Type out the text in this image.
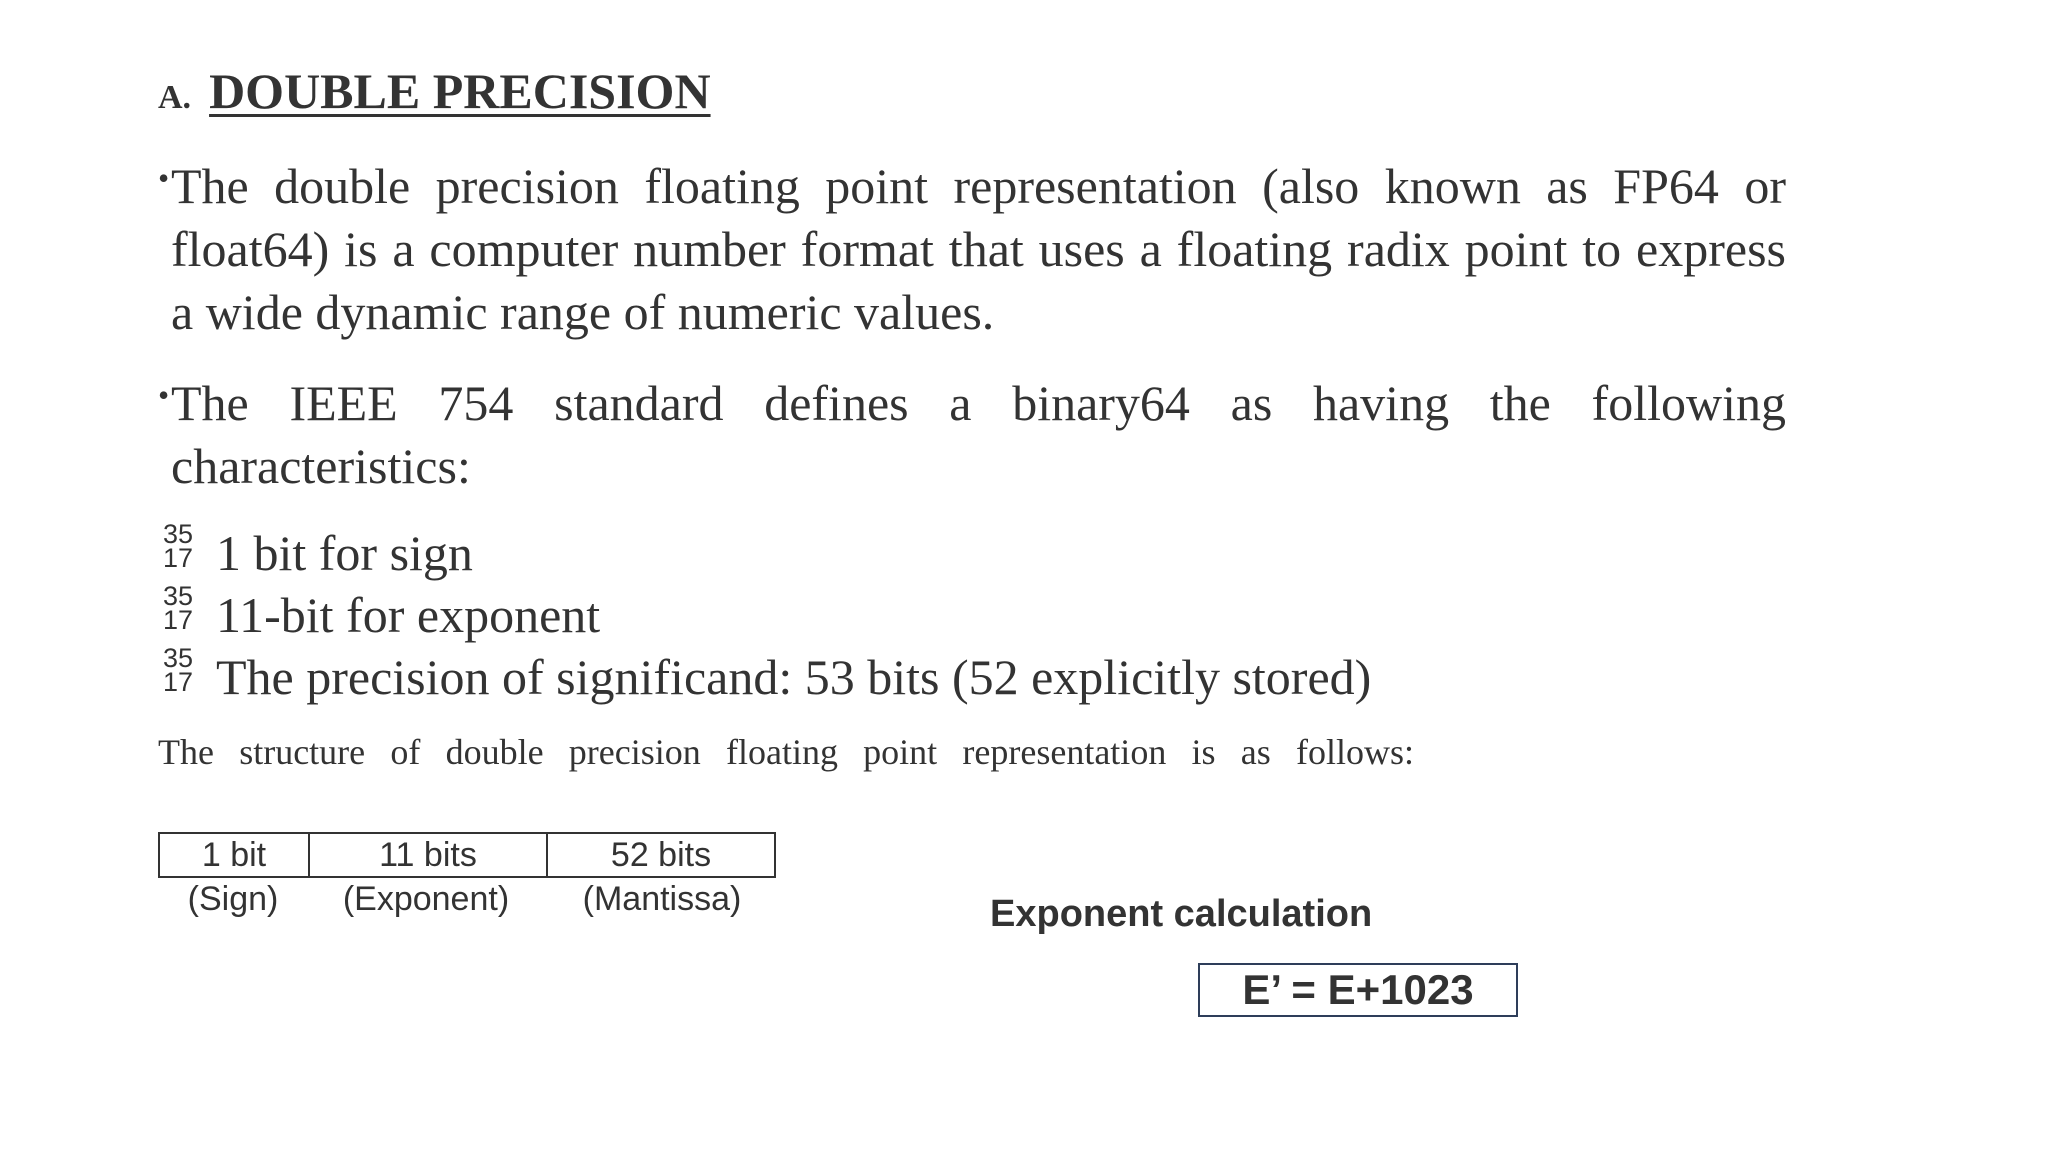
A. DOUBLE PRECISION
• The double precision floating point representation (also known as FP64 or float64) is a computer number format that uses a floating radix point to express a wide dynamic range of numeric values.
• The IEEE 754 standard defines a binary64 as having the following characteristics:
35
17 1 bit for sign
35
17 11-bit for exponent
35
17 The precision of significand: 53 bits (52 explicitly stored)
The structure of double precision floating point representation is as follows:
1 bit	11 bits	52 bits
(Sign)	(Exponent)	(Mantissa)	Exponent calculation
E’ = E+1023
